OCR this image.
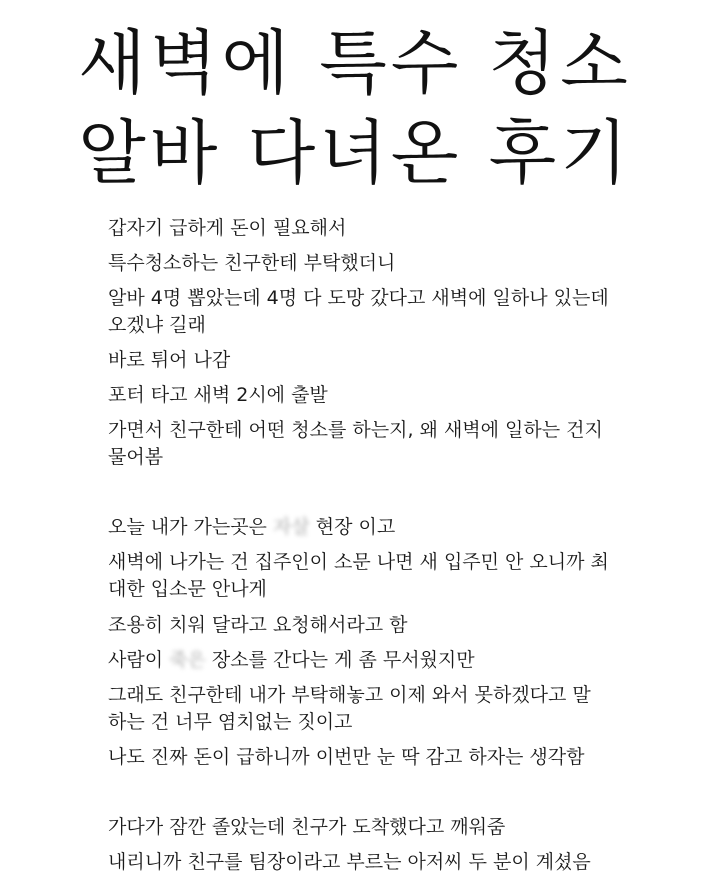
새벽에 특수 청소
알바 다녀온 후기
갑자기 급하게 돈이 필요해서
특수청소하는 친구한테 부탁했더니
알바 4명 뽑았는데 4명 다 도망 갔다고 새벽에 일하나 있는데
오겠냐 길래
바로 튀어 나감
포터 타고 새벽 2시에 출발
가면서 친구한테 어떤 청소를 하는지, 왜 새벽에 일하는 건지
물어봄
오늘 내가 가는곳은 자살 현장 이고
새벽에 나가는 건 집주인이 소문 나면 새 입주민 안 오니까 최
대한 입소문 안나게
조용히 치워 달라고 요청해서라고 함
사람이 죽은 장소를 간다는 게 좀 무서웠지만
그래도 친구한테 내가 부탁해놓고 이제 와서 못하겠다고 말
하는 건 너무 염치없는 짓이고
나도 진짜 돈이 급하니까 이번만 눈 딱 감고 하자는 생각함
가다가 잠깐 졸았는데 친구가 도착했다고 깨워줌
내리니까 친구를 팀장이라고 부르는 아저씨 두 분이 계셨음
